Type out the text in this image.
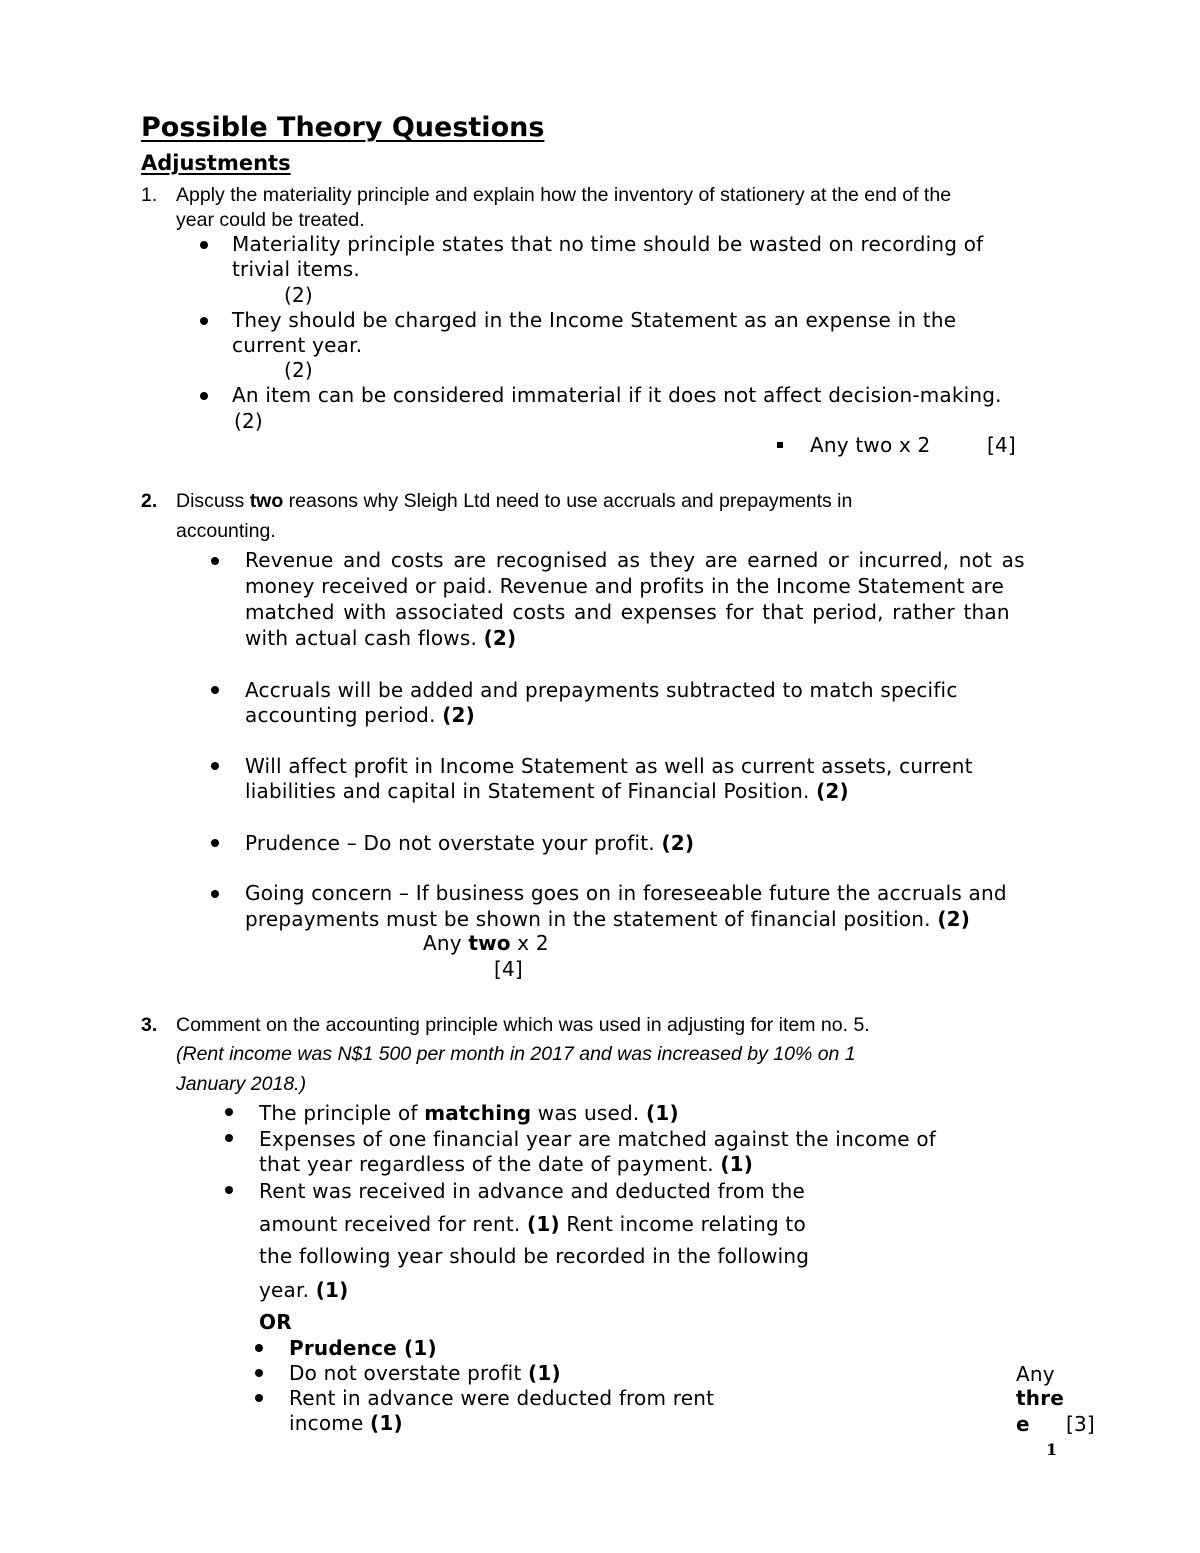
Possible Theory Questions
Adjustments
1. Apply the materiality principle and explain how the inventory of stationery at the end of the
year could be treated.
Materiality principle states that no time should be wasted on recording of
trivial items.
(2)
They should be charged in the Income Statement as an expense in the
current year.
(2)
An item can be considered immaterial if it does not affect decision-making.
(2)
Any two x 2	[4]
2. Discuss two reasons why Sleigh Ltd need to use accruals and prepayments in
accounting.
Revenue and costs are recognised as they are earned or incurred, not as
money received or paid. Revenue and profits in the Income Statement are
matched with associated costs and expenses for that period, rather than
with actual cash flows. (2)
Accruals will be added and prepayments subtracted to match specific
accounting period. (2)
Will affect profit in Income Statement as well as current assets, current
liabilities and capital in Statement of Financial Position. (2)
Prudence – Do not overstate your profit. (2)
Going concern – If business goes on in foreseeable future the accruals and
prepayments must be shown in the statement of financial position. (2)
Any two x 2
[4]
3. Comment on the accounting principle which was used in adjusting for item no. 5.
(Rent income was N$1 500 per month in 2017 and was increased by 10% on 1
January 2018.)
The principle of matching was used. (1)
Expenses of one financial year are matched against the income of
that year regardless of the date of payment. (1)
Rent was received in advance and deducted from the
amount received for rent. (1) Rent income relating to
the following year should be recorded in the following
year. (1)
OR
Prudence (1)
Do not overstate profit (1)
Rent in advance were deducted from rent
income (1)
Any
thre
e [3]
1
